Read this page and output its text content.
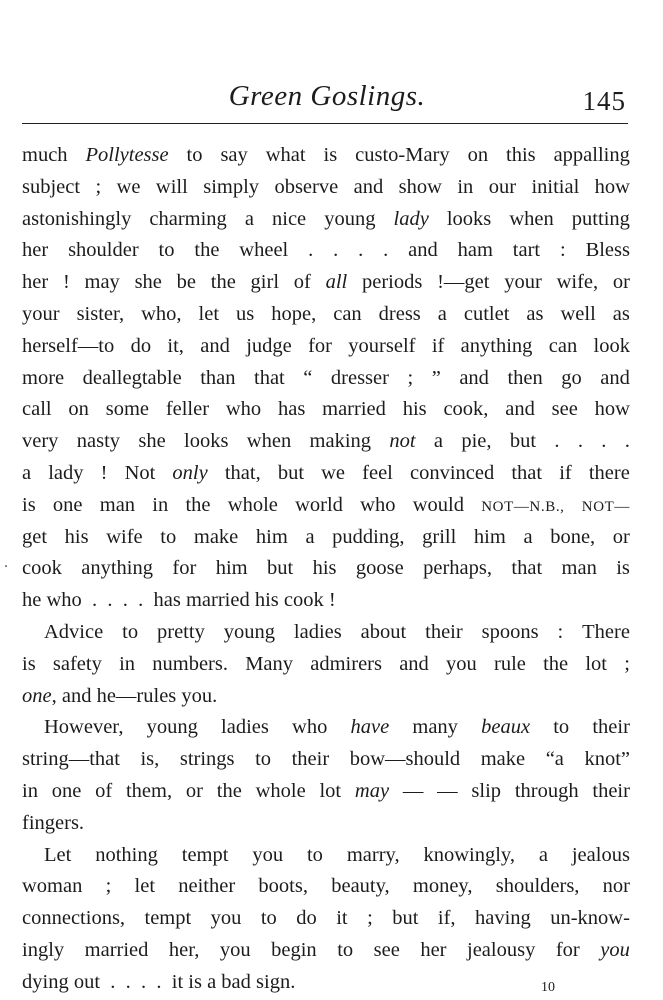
Green Goslings.	145
.
much Pollytesse to say what is custo-Mary on this appalling
subject ; we will simply observe and show in our initial how
astonishingly charming a nice young lady looks when putting
her shoulder to the wheel . . . . and ham tart : Bless
her ! may she be the girl of all periods !—get your wife, or
your sister, who, let us hope, can dress a cutlet as well as
herself—to do it, and judge for yourself if anything can look
more deallegtable than that “ dresser ; ” and then go and
call on some feller who has married his cook, and see how
very nasty she looks when making not a pie, but . . . .
a lady ! Not only that, but we feel convinced that if there
is one man in the whole world who would NOT—N.B., NOT—
get his wife to make him a pudding, grill him a bone, or
cook anything for him but his goose perhaps, that man is
he who  .  .  .  .  has married his cook !
Advice to pretty young ladies about their spoons : There
is safety in numbers. Many admirers and you rule the lot ;
one , and he—rules you.
However, young ladies who have many beaux to their
string—that is, strings to their bow—should make “a knot”
in one of them, or the whole lot may — — slip through their
fingers.
Let nothing tempt you to marry, knowingly, a jealous
woman ; let neither boots, beauty, money, shoulders, nor
connections, tempt you to do it ; but if, having un-know-
ingly married her, you begin to see her jealousy for you
dying out  .  .  .  .  it is a bad sign.	10
